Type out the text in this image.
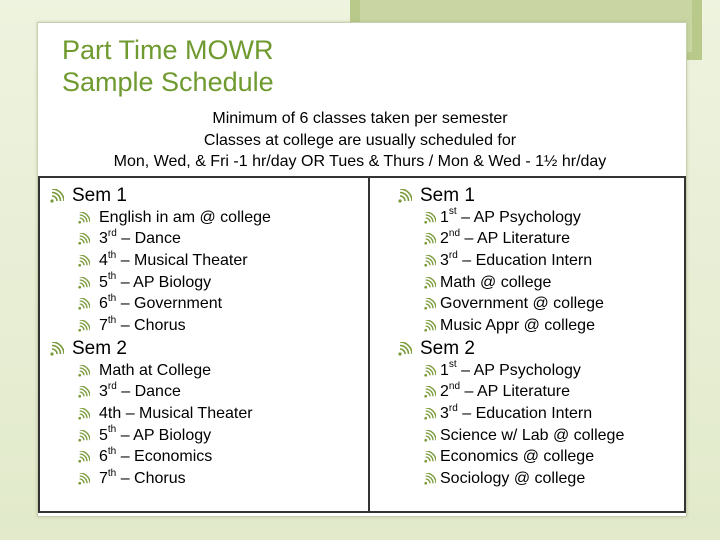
Part Time MOWR
Sample Schedule
Minimum of 6 classes taken per semester
Classes at college are usually scheduled for
Mon, Wed, & Fri -1 hr/day OR Tues & Thurs / Mon & Wed - 1½ hr/day
Sem 1
English in am @ college
3rd – Dance
4th – Musical Theater
5th – AP Biology
6th – Government
7th – Chorus
Sem 2
Math at College
3rd – Dance
4th – Musical Theater
5th – AP Biology
6th – Economics
7th – Chorus
Sem 1
1st – AP Psychology
2nd – AP Literature
3rd – Education Intern
Math @ college
Government @ college
Music Appr @ college
Sem 2
1st – AP Psychology
2nd – AP Literature
3rd – Education Intern
Science w/ Lab @ college
Economics @ college
Sociology @ college
